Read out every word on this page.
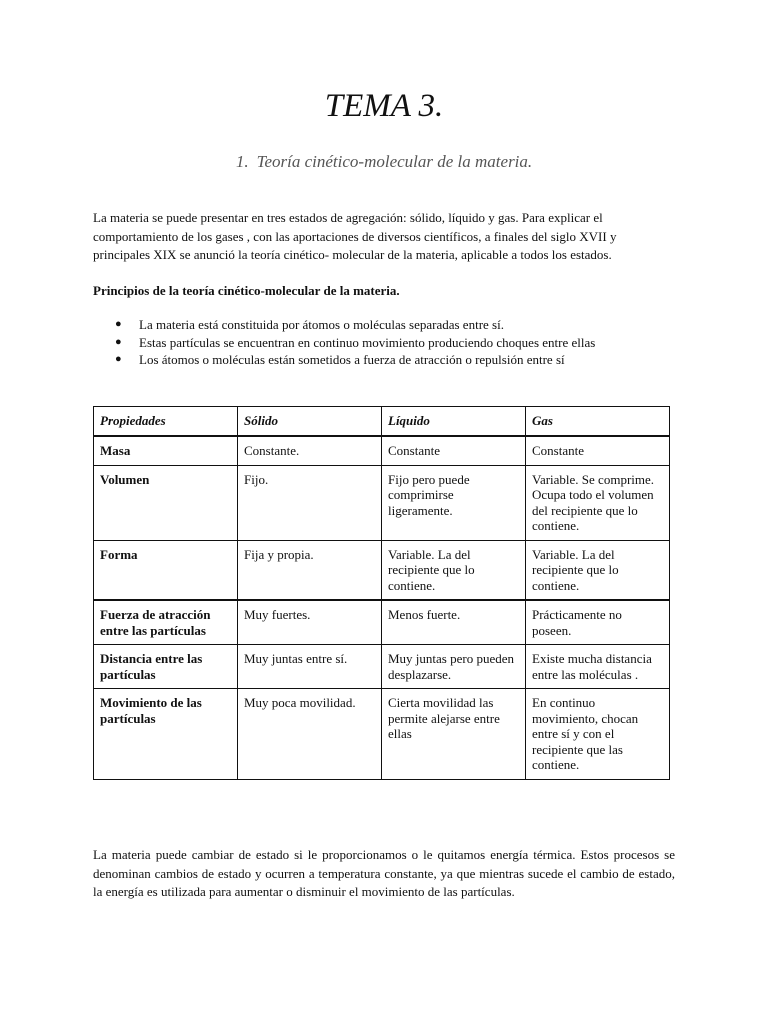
TEMA 3.
1. Teoría cinético-molecular de la materia.
La materia se puede presentar en tres estados de agregación: sólido, líquido y gas. Para explicar el comportamiento de los gases , con las aportaciones de diversos científicos, a finales del siglo XVII y principales XIX se anunció la teoría cinético- molecular de la materia, aplicable a todos los estados.
Principios de la teoría cinético-molecular de la materia.
● La materia está constituida por átomos o moléculas separadas entre sí.
● Estas partículas se encuentran en continuo movimiento produciendo choques entre ellas
● Los átomos o moléculas están sometidos a fuerza de atracción o repulsión entre sí
Propiedades	Sólido	Líquido	Gas
Masa	Constante.	Constante	Constante
Volumen	Fijo.	Fijo pero puede comprimirse ligeramente.	Variable. Se comprime. Ocupa todo el volumen del recipiente que lo contiene.
Forma	Fija y propia.	Variable. La del recipiente que lo contiene.	Variable. La del recipiente que lo contiene.
Fuerza de atracción entre las partículas	Muy fuertes.	Menos fuerte.	Prácticamente no poseen.
Distancia entre las partículas	Muy juntas entre sí.	Muy juntas pero pueden desplazarse.	Existe mucha distancia entre las moléculas .
Movimiento de las partículas	Muy poca movilidad.	Cierta movilidad las permite alejarse entre ellas	En continuo movimiento, chocan entre sí y con el recipiente que las contiene.
La materia puede cambiar de estado si le proporcionamos o le quitamos energía térmica. Estos procesos se denominan cambios de estado y ocurren a temperatura constante, ya que mientras sucede el cambio de estado, la energía es utilizada para aumentar o disminuir el movimiento de las partículas.
